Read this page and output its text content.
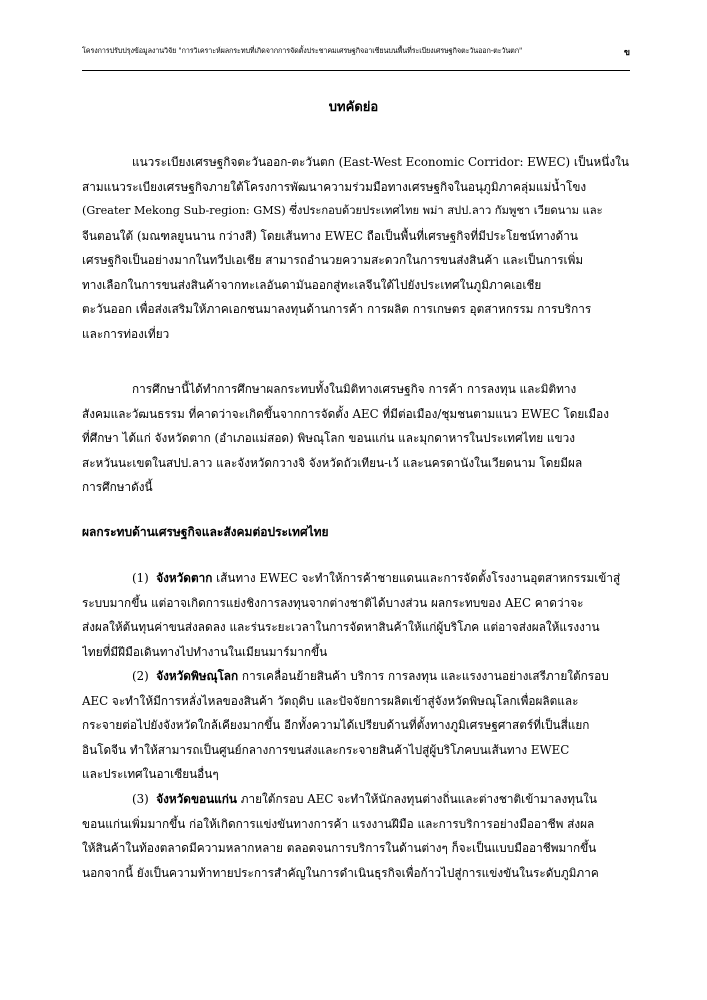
โครงการปรับปรุงข้อมูลงานวิจัย "การวิเคราะห์ผลกระทบที่เกิดจากการจัดตั้งประชาคมเศรษฐกิจอาเซียนบนพื้นที่ระเบียงเศรษฐกิจตะวันออก-ตะวันตก"	ข
บทคัดย่อ
แนวระเบียงเศรษฐกิจตะวันออก-ตะวันตก (East-West Economic Corridor: EWEC) เป็นหนึ่งใน
สามแนวระเบียงเศรษฐกิจภายใต้โครงการพัฒนาความร่วมมือทางเศรษฐกิจในอนุภูมิภาคลุ่มแม่น้ำโขง
(Greater Mekong Sub-region: GMS) ซึ่งประกอบด้วยประเทศไทย พม่า สปป.ลาว กัมพูชา เวียดนาม และ
จีนตอนใต้ (มณฑลยูนนาน กว่างสี) โดยเส้นทาง EWEC ถือเป็นพื้นที่เศรษฐกิจที่มีประโยชน์ทางด้าน
เศรษฐกิจเป็นอย่างมากในทวีปเอเชีย สามารถอำนวยความสะดวกในการขนส่งสินค้า และเป็นการเพิ่ม
ทางเลือกในการขนส่งสินค้าจากทะเลอันดามันออกสู่ทะเลจีนใต้ไปยังประเทศในภูมิภาคเอเชีย
ตะวันออก เพื่อส่งเสริมให้ภาคเอกชนมาลงทุนด้านการค้า การผลิต การเกษตร อุตสาหกรรม การบริการ
และการท่องเที่ยว
การศึกษานี้ได้ทำการศึกษาผลกระทบทั้งในมิติทางเศรษฐกิจ การค้า การลงทุน และมิติทาง
สังคมและวัฒนธรรม ที่คาดว่าจะเกิดขึ้นจากการจัดตั้ง AEC ที่มีต่อเมือง/ชุมชนตามแนว EWEC โดยเมือง
ที่ศึกษา ได้แก่ จังหวัดตาก (อำเภอแม่สอด) พิษณุโลก ขอนแก่น และมุกดาหารในประเทศไทย แขวง
สะหวันนะเขตในสปป.ลาว และจังหวัดกวางจิ จังหวัดถัวเทียน-เว้ และนครดานังในเวียดนาม โดยมีผล
การศึกษาดังนี้
ผลกระทบด้านเศรษฐกิจและสังคมต่อประเทศไทย
(1) จังหวัดตาก เส้นทาง EWEC จะทำให้การค้าชายแดนและการจัดตั้งโรงงานอุตสาหกรรมเข้าสู่
ระบบมากขึ้น แต่อาจเกิดการแย่งชิงการลงทุนจากต่างชาติได้บางส่วน ผลกระทบของ AEC คาดว่าจะ
ส่งผลให้ต้นทุนค่าขนส่งลดลง และร่นระยะเวลาในการจัดหาสินค้าให้แก่ผู้บริโภค แต่อาจส่งผลให้แรงงาน
ไทยที่มีฝีมือเดินทางไปทำงานในเมียนมาร์มากขึ้น
(2) จังหวัดพิษณุโลก การเคลื่อนย้ายสินค้า บริการ การลงทุน และแรงงานอย่างเสรีภายใต้กรอบ
AEC จะทำให้มีการหลั่งไหลของสินค้า วัตถุดิบ และปัจจัยการผลิตเข้าสู่จังหวัดพิษณุโลกเพื่อผลิตและ
กระจายต่อไปยังจังหวัดใกล้เคียงมากขึ้น อีกทั้งความได้เปรียบด้านที่ตั้งทางภูมิเศรษฐศาสตร์ที่เป็นสี่แยก
อินโดจีน ทำให้สามารถเป็นศูนย์กลางการขนส่งและกระจายสินค้าไปสู่ผู้บริโภคบนเส้นทาง EWEC
และประเทศในอาเซียนอื่นๆ
(3) จังหวัดขอนแก่น ภายใต้กรอบ AEC จะทำให้นักลงทุนต่างถิ่นและต่างชาติเข้ามาลงทุนใน
ขอนแก่นเพิ่มมากขึ้น ก่อให้เกิดการแข่งขันทางการค้า แรงงานฝีมือ และการบริการอย่างมืออาชีพ ส่งผล
ให้สินค้าในท้องตลาดมีความหลากหลาย ตลอดจนการบริการในด้านต่างๆ ก็จะเป็นแบบมืออาชีพมากขึ้น
นอกจากนี้ ยังเป็นความท้าทายประการสำคัญในการดำเนินธุรกิจเพื่อก้าวไปสู่การแข่งขันในระดับภูมิภาค
